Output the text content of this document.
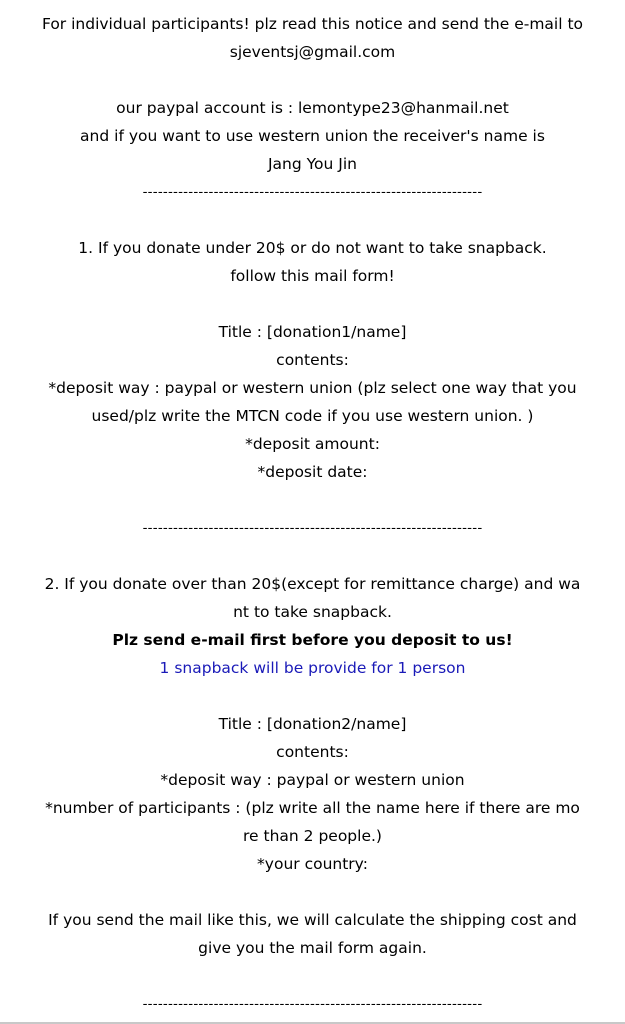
For individual participants! plz read this notice and send the e-mail to
sjeventsj@gmail.com
our paypal account is : lemontype23@hanmail.net
and if you want to use western union the receiver's name is
Jang You Jin
-------------------------------------------------------------------
1. If you donate under 20$ or do not want to take snapback.
follow this mail form!
Title : [donation1/name]
contents:
*deposit way : paypal or western union (plz select one way that you
used/plz write the MTCN code if you use western union. )
*deposit amount:
*deposit date:
-------------------------------------------------------------------
2. If you donate over than 20$(except for remittance charge) and wa
nt to take snapback.
Plz send e-mail first before you deposit to us!
1 snapback will be provide for 1 person
Title : [donation2/name]
contents:
*deposit way : paypal or western union
*number of participants : (plz write all the name here if there are mo
re than 2 people.)
*your country:
If you send the mail like this, we will calculate the shipping cost and
give you the mail form again.
-------------------------------------------------------------------
